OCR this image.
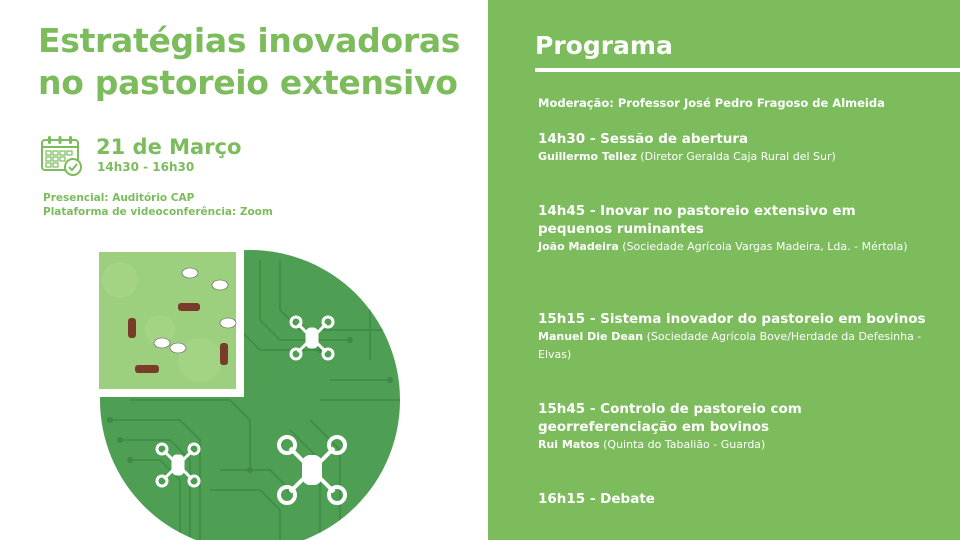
Estratégias inovadoras
no pastoreio extensivo
21 de Março
14h30 - 16h30
Presencial: Auditório CAP
Plataforma de videoconferência: Zoom
Programa
Moderação: Professor José Pedro Fragoso de Almeida
14h30 - Sessão de abertura
Guillermo Tellez (Diretor Geralda Caja Rural del Sur)
14h45 - Inovar no pastoreio extensivo em pequenos ruminantes
João Madeira (Sociedade Agrícola Vargas Madeira, Lda. - Mértola)
15h15 - Sistema inovador do pastoreio em bovinos
Manuel Die Dean (Sociedade Agrícola Bove/Herdade da Defesinha - Elvas)
15h45 - Controlo de pastoreio com georreferenciação em bovinos
Rui Matos (Quinta do Tabalião - Guarda)
16h15 - Debate
